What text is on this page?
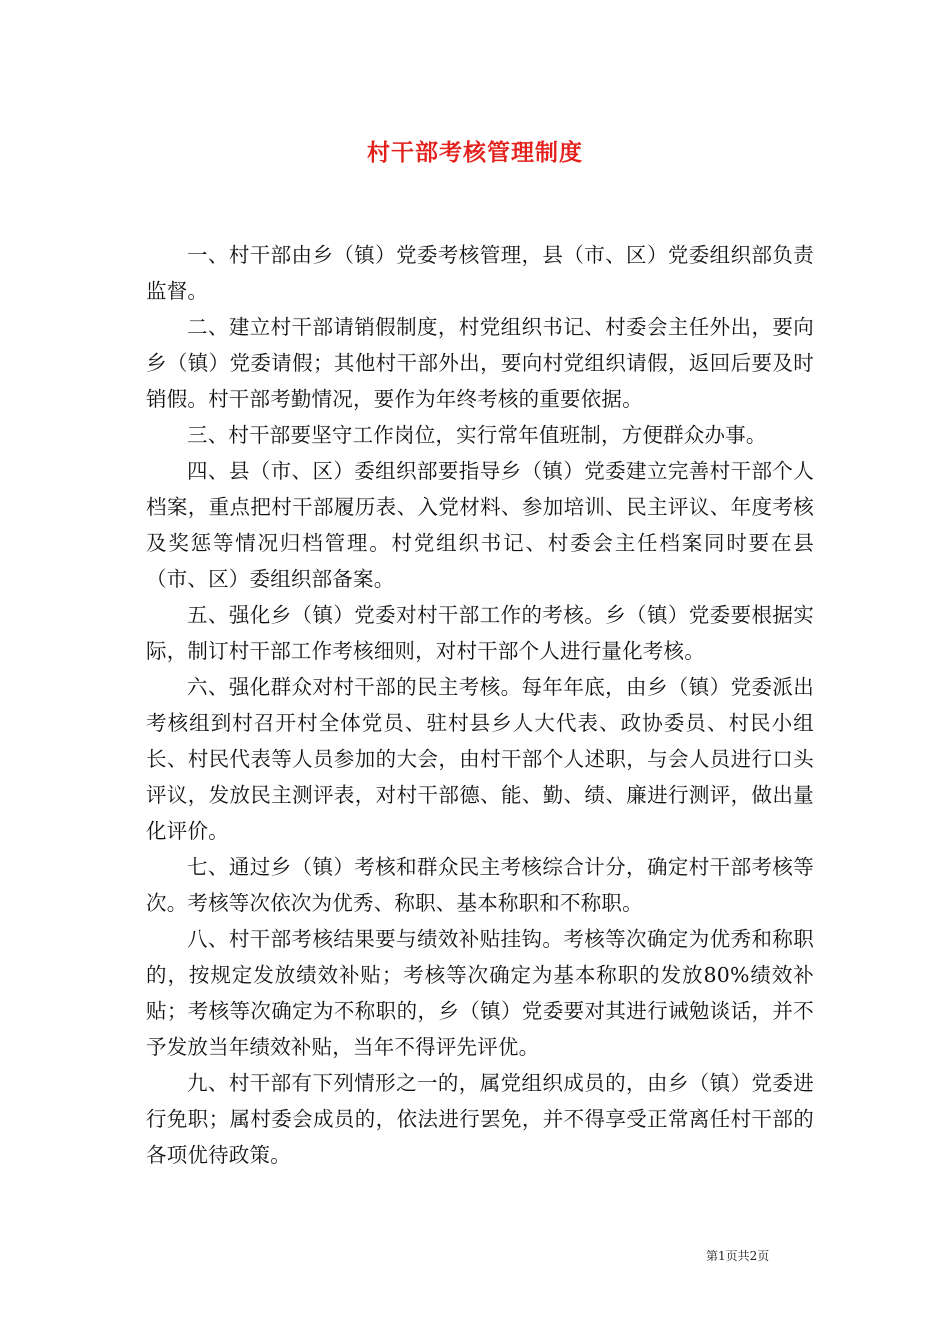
村干部考核管理制度

一、村干部由乡（镇）党委考核管理，县（市、区）党委组织部负责监督。

二、建立村干部请销假制度，村党组织书记、村委会主任外出，要向乡（镇）党委请假；其他村干部外出，要向村党组织请假，返回后要及时销假。村干部考勤情况，要作为年终考核的重要依据。

三、村干部要坚守工作岗位，实行常年值班制，方便群众办事。

四、县（市、区）委组织部要指导乡（镇）党委建立完善村干部个人档案，重点把村干部履历表、入党材料、参加培训、民主评议、年度考核及奖惩等情况归档管理。村党组织书记、村委会主任档案同时要在县（市、区）委组织部备案。

五、强化乡（镇）党委对村干部工作的考核。乡（镇）党委要根据实际，制订村干部工作考核细则，对村干部个人进行量化考核。

六、强化群众对村干部的民主考核。每年年底，由乡（镇）党委派出考核组到村召开村全体党员、驻村县乡人大代表、政协委员、村民小组长、村民代表等人员参加的大会，由村干部个人述职，与会人员进行口头评议，发放民主测评表，对村干部德、能、勤、绩、廉进行测评，做出量化评价。

七、通过乡（镇）考核和群众民主考核综合计分，确定村干部考核等次。考核等次依次为优秀、称职、基本称职和不称职。

八、村干部考核结果要与绩效补贴挂钩。考核等次确定为优秀和称职的，按规定发放绩效补贴；考核等次确定为基本称职的发放80%绩效补贴；考核等次确定为不称职的，乡（镇）党委要对其进行诫勉谈话，并不予发放当年绩效补贴，当年不得评先评优。

九、村干部有下列情形之一的，属党组织成员的，由乡（镇）党委进行免职；属村委会成员的，依法进行罢免，并不得享受正常离任村干部的各项优待政策。

第1页共2页
